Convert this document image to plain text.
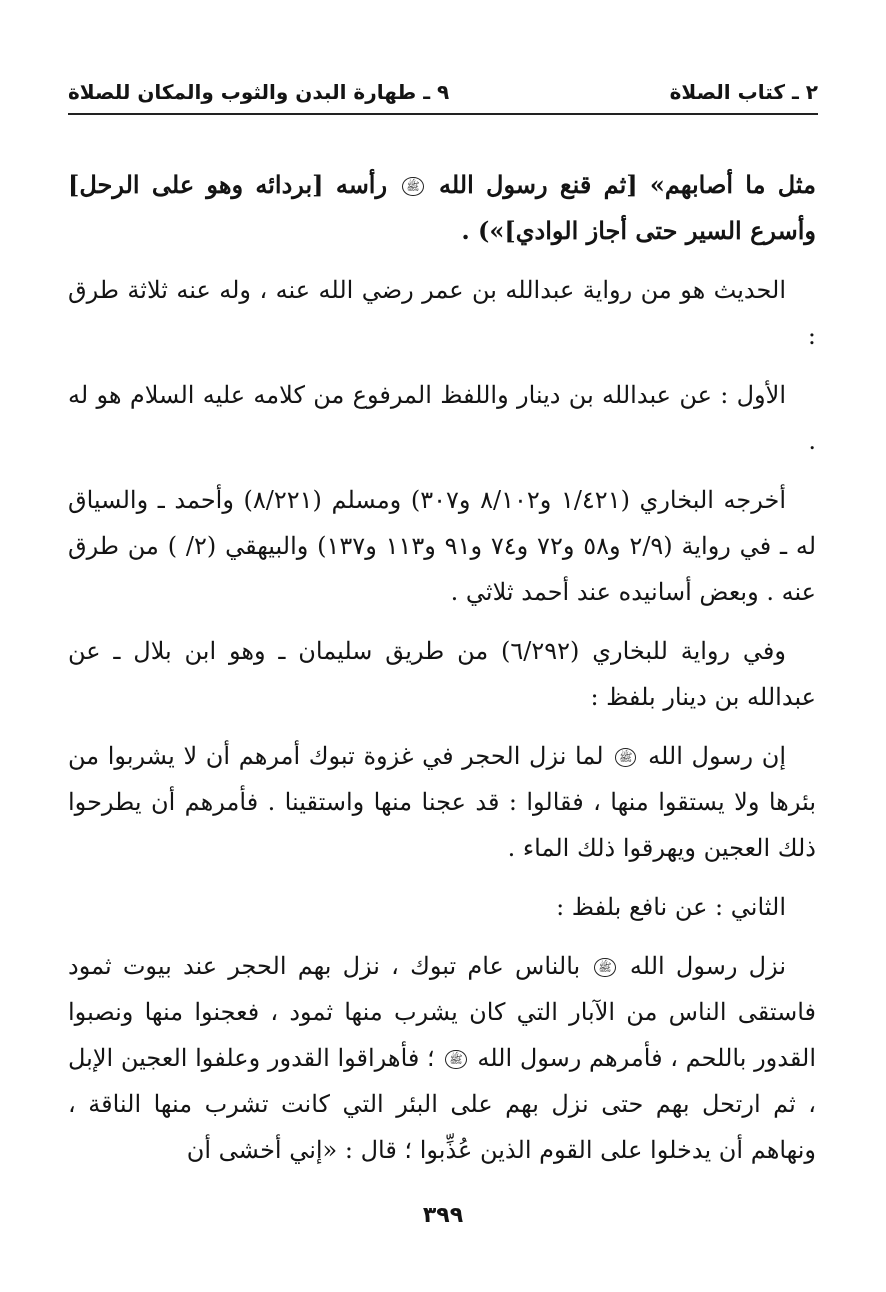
٢ ـ كتاب الصلاة
٩ ـ طهارة البدن والثوب والمكان للصلاة

مثل ما أصابهم» [ثم قنع رسول الله ﷺ رأسه [بردائه وهو على الرحل] وأسرع السير حتى أجاز الوادي]») .

الحديث هو من رواية عبدالله بن عمر رضي الله عنه ، وله عنه ثلاثة طرق :

الأول : عن عبدالله بن دينار واللفظ المرفوع من كلامه عليه السلام هو له .

أخرجه البخاري (١/٤٢١ و٨/١٠٢ و٣٠٧) ومسلم (٨/٢٢١) وأحمد ـ والسياق له ـ في رواية (٢/٩ و٥٨ و٧٢ و٧٤ و٩١ و١١٣ و١٣٧) والبيهقي (٢/ ) من طرق عنه . وبعض أسانيده عند أحمد ثلاثي .

وفي رواية للبخاري (٦/٢٩٢) من طريق سليمان ـ وهو ابن بلال ـ عن عبدالله بن دينار بلفظ :

إن رسول الله ﷺ لما نزل الحجر في غزوة تبوك أمرهم أن لا يشربوا من بئرها ولا يستقوا منها ، فقالوا : قد عجنا منها واستقينا . فأمرهم أن يطرحوا ذلك العجين ويهرقوا ذلك الماء .

الثاني : عن نافع بلفظ :

نزل رسول الله ﷺ بالناس عام تبوك ، نزل بهم الحجر عند بيوت ثمود فاستقى الناس من الآبار التي كان يشرب منها ثمود ، فعجنوا منها ونصبوا القدور باللحم ، فأمرهم رسول الله ﷺ ؛ فأهراقوا القدور وعلفوا العجين الإبل ، ثم ارتحل بهم حتى نزل بهم على البئر التي كانت تشرب منها الناقة ، ونهاهم أن يدخلوا على القوم الذين عُذِّبوا ؛ قال : «إني أخشى أن

٣٩٩
